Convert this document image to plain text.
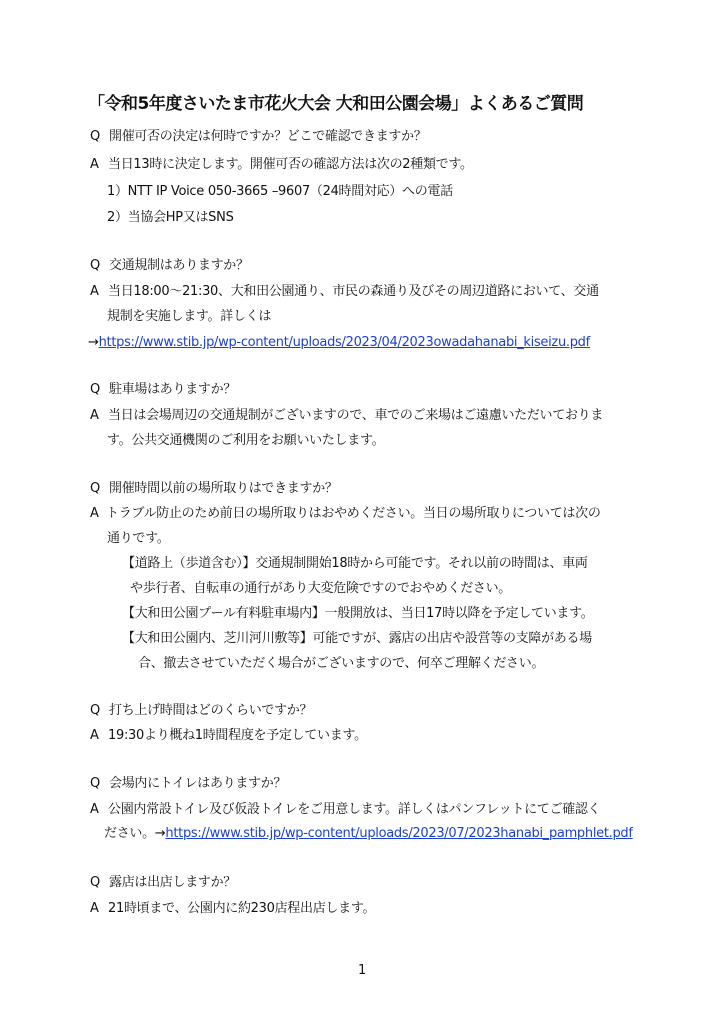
「令和5年度さいたま市花火大会 大和田公園会場」よくあるご質問
Q 開催可否の決定は何時ですか？どこで確認できますか？
A 当日13時に決定します。開催可否の確認方法は次の2種類です。
1）NTT IP Voice 050-3665 –9607（24時間対応）への電話
2）当協会HP又はSNS
Q 交通規制はありますか？
A 当日18:00～21:30、大和田公園通り、市民の森通り及びその周辺道路において、交通
規制を実施します。詳しくは
→https://www.stib.jp/wp-content/uploads/2023/04/2023owadahanabi_kiseizu.pdf
Q 駐車場はありますか？
A 当日は会場周辺の交通規制がございますので、車でのご来場はご遠慮いただいておりま
す。公共交通機関のご利用をお願いいたします。
Q 開催時間以前の場所取りはできますか？
A トラブル防止のため前日の場所取りはおやめください。当日の場所取りについては次の
通りです。
【道路上（歩道含む）】交通規制開始18時から可能です。それ以前の時間は、車両
や歩行者、自転車の通行があり大変危険ですのでおやめください。
【大和田公園プール有料駐車場内】一般開放は、当日17時以降を予定しています。
【大和田公園内、芝川河川敷等】可能ですが、露店の出店や設営等の支障がある場
合、撤去させていただく場合がございますので、何卒ご理解ください。
Q 打ち上げ時間はどのくらいですか？
A 19:30より概ね1時間程度を予定しています。
Q 会場内にトイレはありますか？
A 公園内常設トイレ及び仮設トイレをご用意します。詳しくはパンフレットにてご確認く
ださい。→https://www.stib.jp/wp-content/uploads/2023/07/2023hanabi_pamphlet.pdf
Q 露店は出店しますか？
A 21時頃まで、公園内に約230店程出店します。
1
